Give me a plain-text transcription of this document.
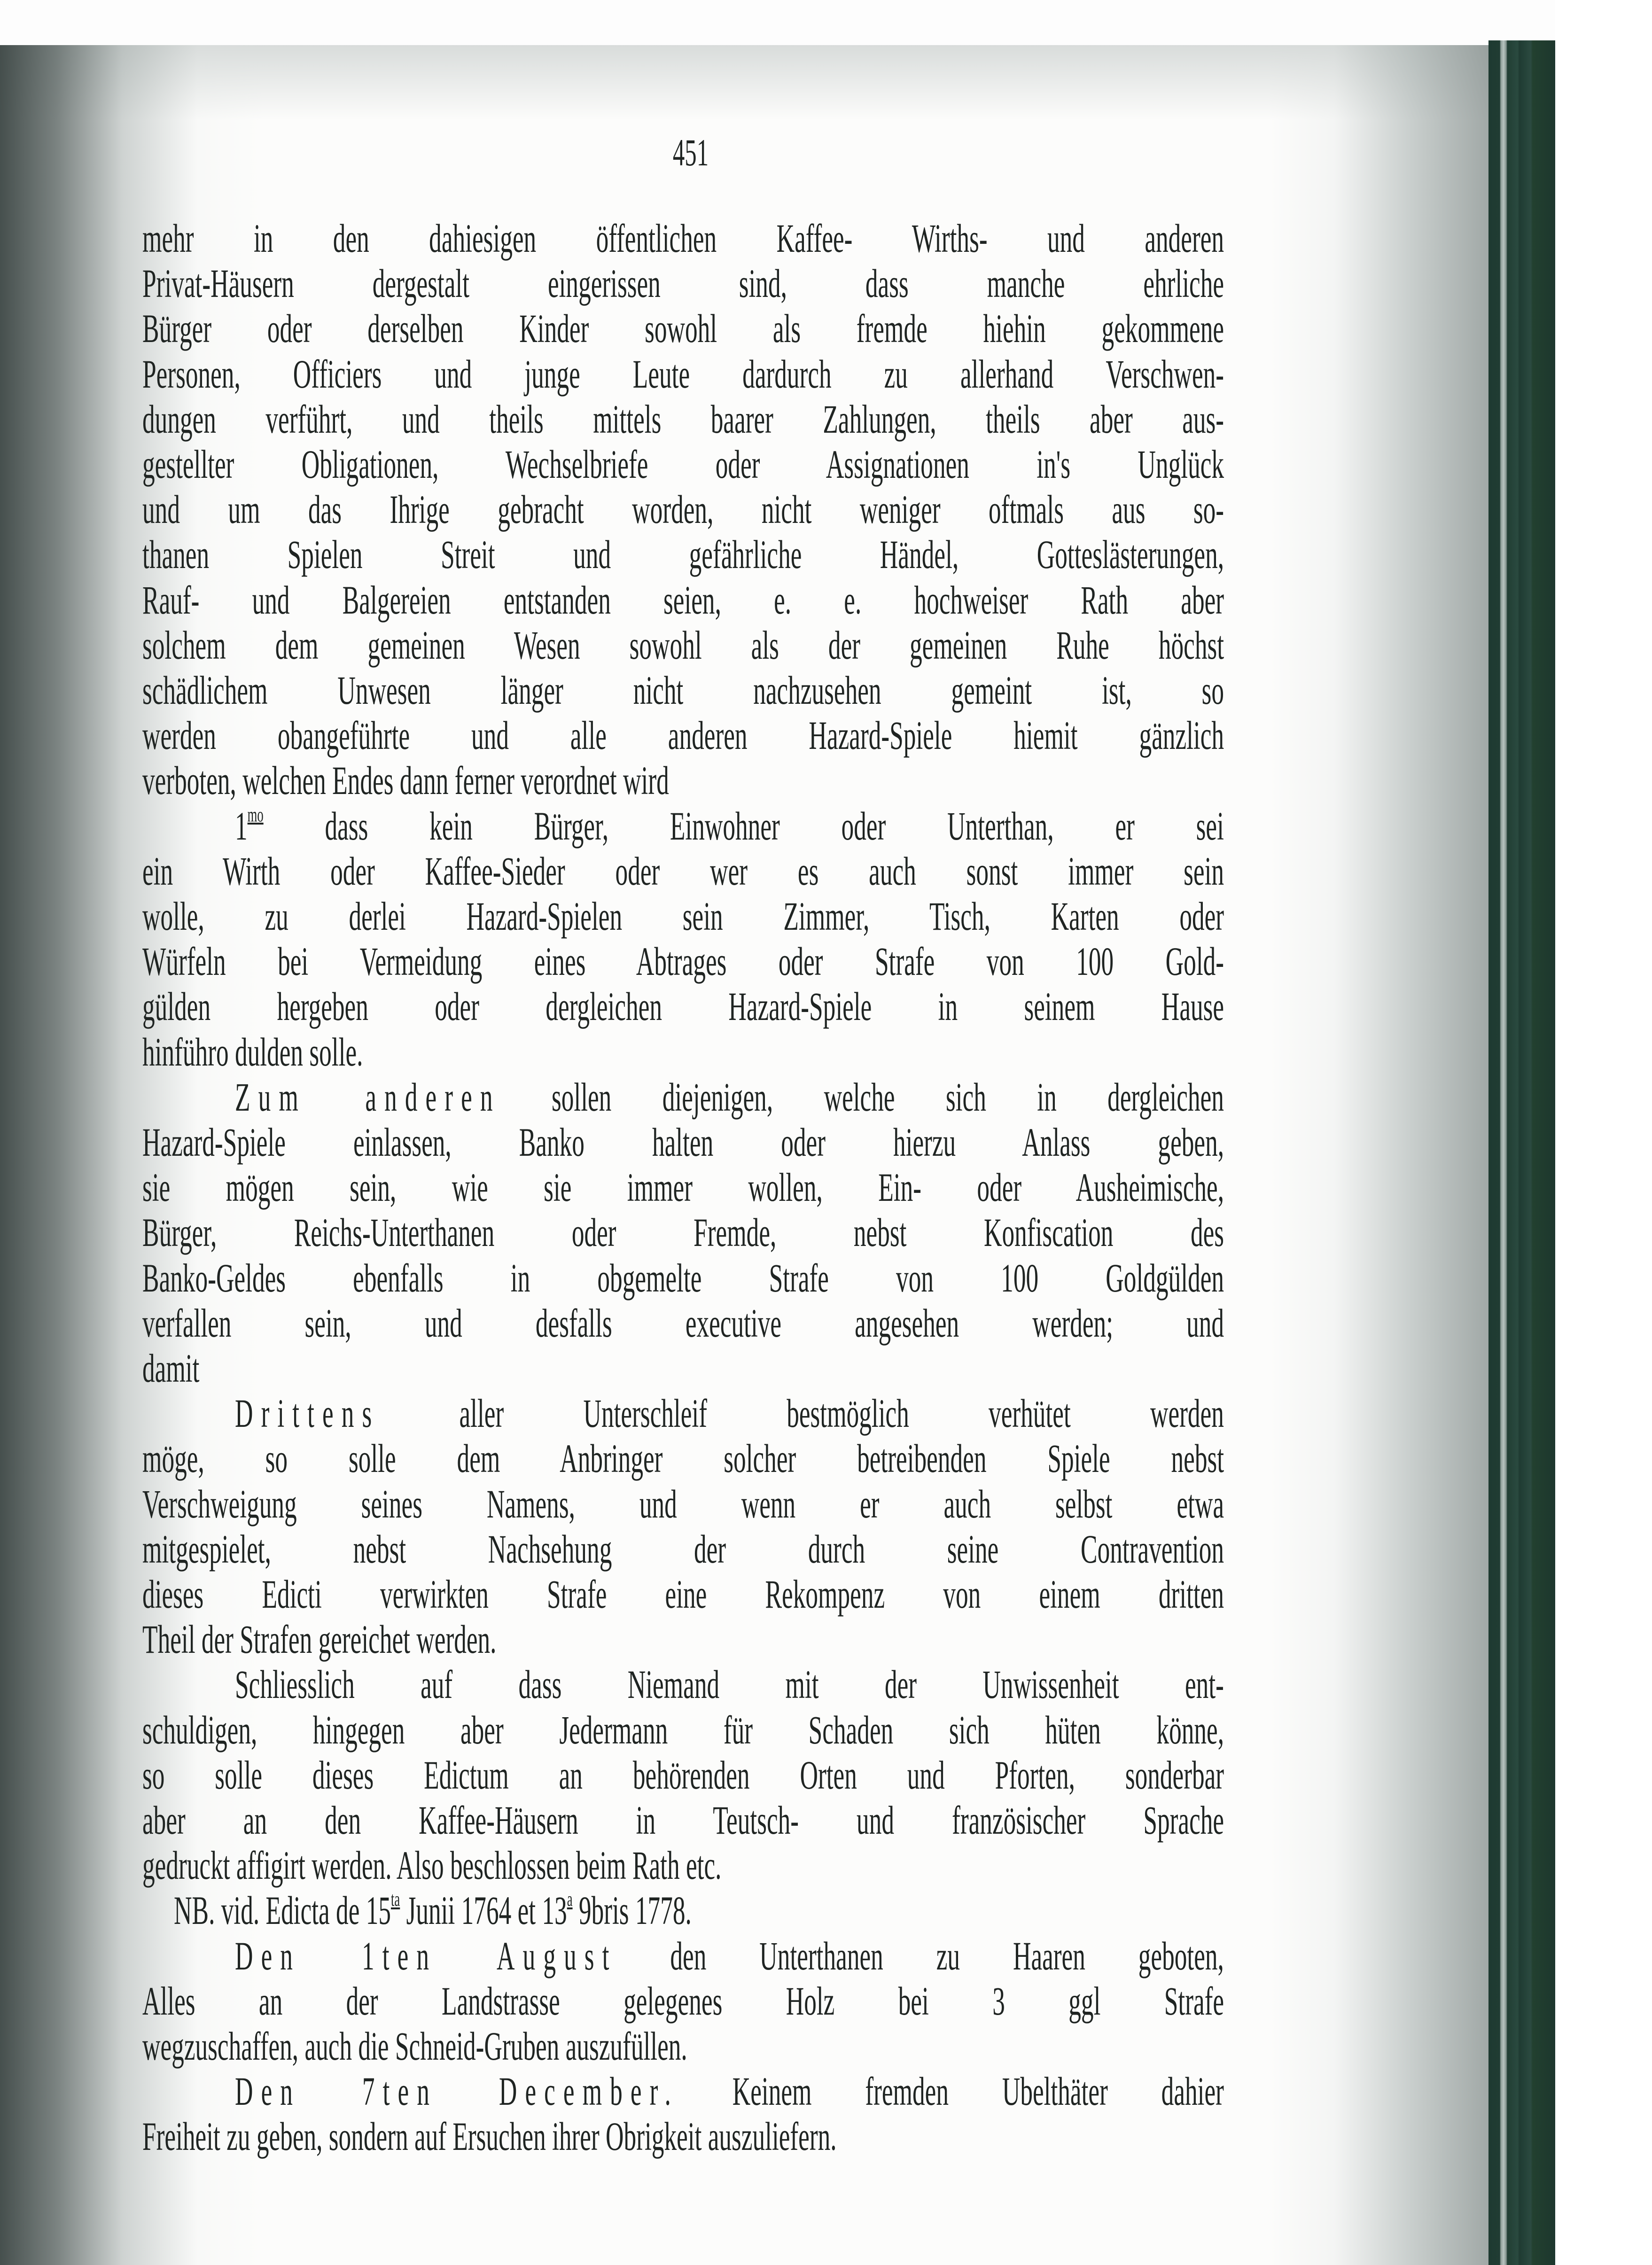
451
mehr in den dahiesigen öffentlichen Kaffee- Wirths- und anderen
Privat-Häusern dergestalt eingerissen sind, dass manche ehrliche
Bürger oder derselben Kinder sowohl als fremde hiehin gekommene
Personen, Officiers und junge Leute dardurch zu allerhand Verschwen-
dungen verführt, und theils mittels baarer Zahlungen, theils aber aus-
gestellter Obligationen, Wechselbriefe oder Assignationen in's Unglück
und um das Ihrige gebracht worden, nicht weniger oftmals aus so-
thanen Spielen Streit und gefährliche Händel, Gotteslästerungen,
Rauf- und Balgereien entstanden seien, e. e. hochweiser Rath aber
solchem dem gemeinen Wesen sowohl als der gemeinen Ruhe höchst
schädlichem Unwesen länger nicht nachzusehen gemeint ist, so
werden obangeführte und alle anderen Hazard-Spiele hiemit gänzlich
verboten, welchen Endes dann ferner verordnet wird
$1^{mo}$ dass kein Bürger, Einwohner oder Unterthan, er sei
ein Wirth oder Kaffee-Sieder oder wer es auch sonst immer sein
wolle, zu derlei Hazard-Spielen sein Zimmer, Tisch, Karten oder
Würfeln bei Vermeidung eines Abtrages oder Strafe von 100 Gold-
gülden hergeben oder dergleichen Hazard-Spiele in seinem Hause
hinführo dulden solle.
Zum anderen sollen diejenigen, welche sich in dergleichen
Hazard-Spiele einlassen, Banko halten oder hierzu Anlass geben,
sie mögen sein, wie sie immer wollen, Ein- oder Ausheimische,
Bürger, Reichs-Unterthanen oder Fremde, nebst Konfiscation des
Banko-Geldes ebenfalls in obgemelte Strafe von 100 Goldgülden
verfallen sein, und desfalls executive angesehen werden; und
damit
Drittens aller Unterschleif bestmöglich verhütet werden
möge, so solle dem Anbringer solcher betreibenden Spiele nebst
Verschweigung seines Namens, und wenn er auch selbst etwa
mitgespielet, nebst Nachsehung der durch seine Contravention
dieses Edicti verwirkten Strafe eine Rekompenz von einem dritten
Theil der Strafen gereichet werden.
Schliesslich auf dass Niemand mit der Unwissenheit ent-
schuldigen, hingegen aber Jedermann für Schaden sich hüten könne,
so solle dieses Edictum an behörenden Orten und Pforten, sonderbar
aber an den Kaffee-Häusern in Teutsch- und französischer Sprache
gedruckt affigirt werden. Also beschlossen beim Rath etc.
NB. vid. Edicta de $15^{ta}$ Junii 1764 et 13$^a$ 9bris 1778.
Den 1ten August den Unterthanen zu Haaren geboten,
Alles an der Landstrasse gelegenes Holz bei 3 ggl Strafe
wegzuschaffen, auch die Schneid-Gruben auszufüllen.
Den 7ten December. Keinem fremden Ubelthäter dahier
Freiheit zu geben, sondern auf Ersuchen ihrer Obrigkeit auszuliefern.
